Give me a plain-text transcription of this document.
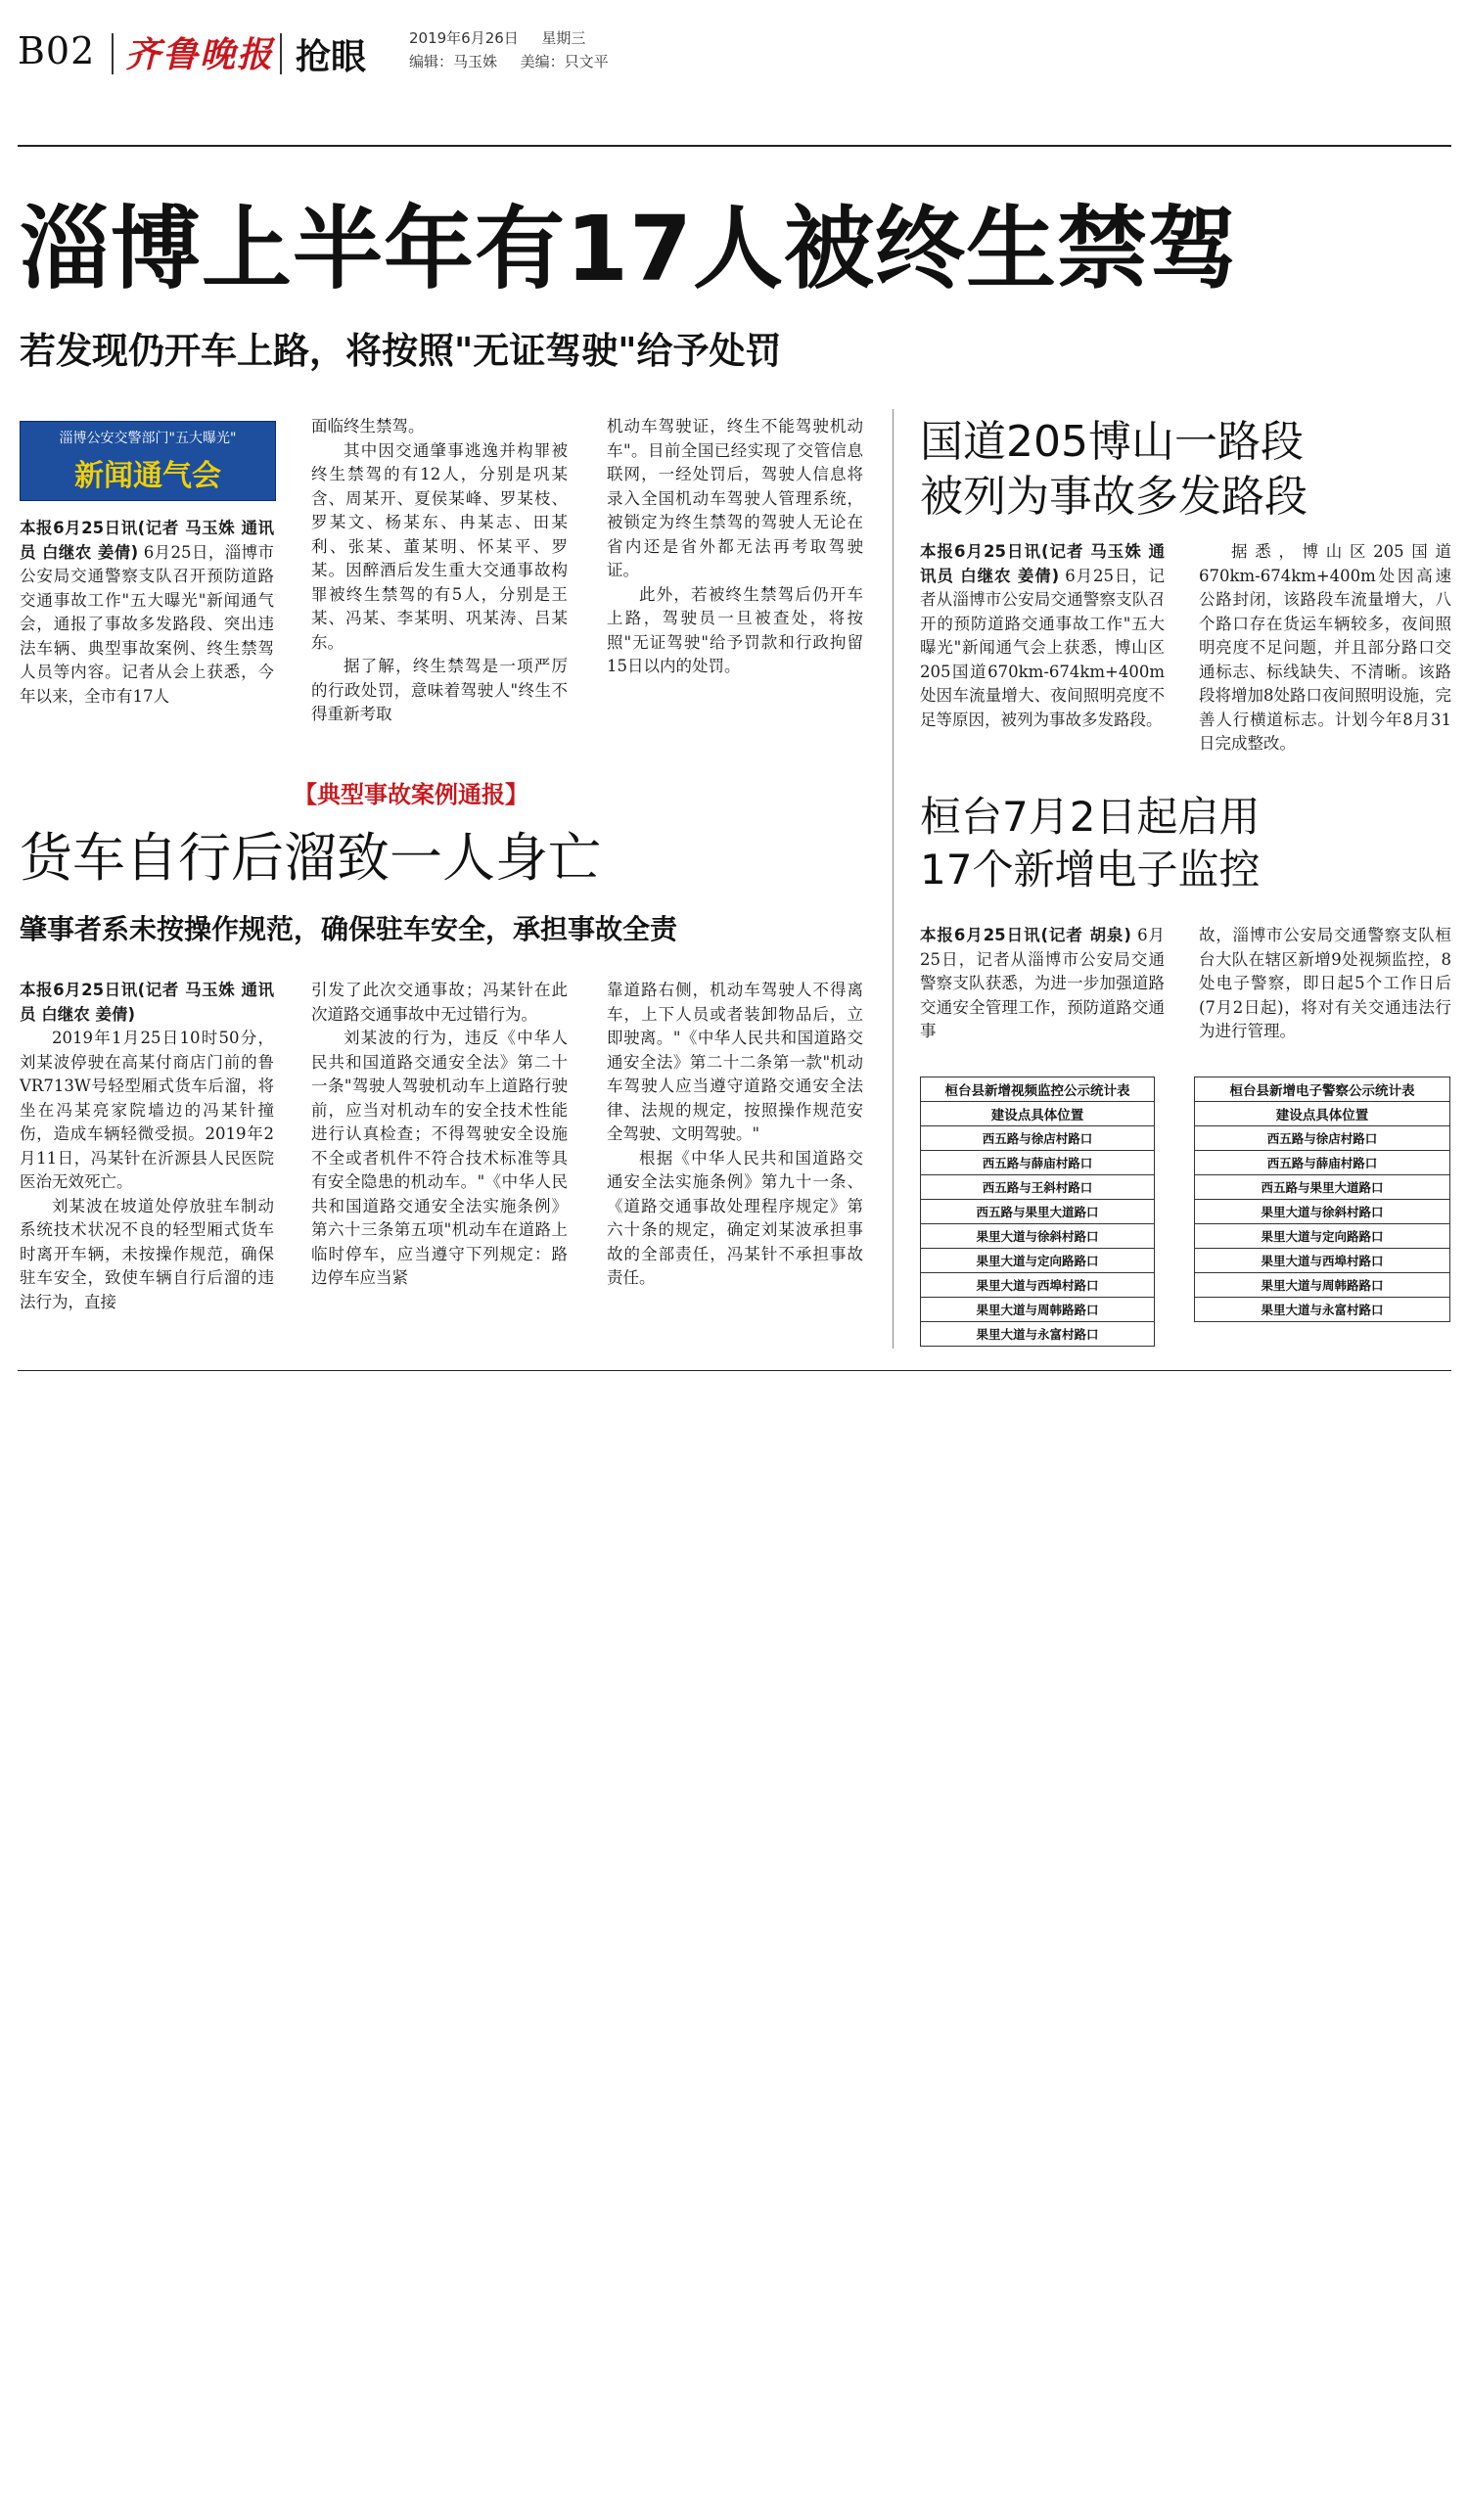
B02 齐鲁晚报 抢眼	2019年6月26日 星期三
编辑：马玉姝 美编：只文平
淄博上半年有17人被终生禁驾
若发现仍开车上路，将按照"无证驾驶"给予处罚
淄博公安交警部门"五大曝光"
新闻通气会

本报6月25日讯(记者 马玉姝 通讯员 白继农 姜倩) 6月25日，淄博市公安局交通警察支队召开预防道路交通事故工作"五大曝光"新闻通气会，通报了事故多发路段、突出违法车辆、典型事故案例、终生禁驾人员等内容。记者从会上获悉，今年以来，全市有17人

面临终生禁驾。

其中因交通肇事逃逸并构罪被终生禁驾的有12人，分别是巩某含、周某开、夏侯某峰、罗某枝、罗某文、杨某东、冉某志、田某利、张某、董某明、怀某平、罗某。因醉酒后发生重大交通事故构罪被终生禁驾的有5人，分别是王某、冯某、李某明、巩某涛、吕某东。

据了解，终生禁驾是一项严厉的行政处罚，意味着驾驶人"终生不得重新考取

机动车驾驶证，终生不能驾驶机动车"。目前全国已经实现了交管信息联网，一经处罚后，驾驶人信息将录入全国机动车驾驶人管理系统，被锁定为终生禁驾的驾驶人无论在省内还是省外都无法再考取驾驶证。

此外，若被终生禁驾后仍开车上路，驾驶员一旦被查处，将按照"无证驾驶"给予罚款和行政拘留15日以内的处罚。

【典型事故案例通报】
货车自行后溜致一人身亡
肇事者系未按操作规范，确保驻车安全，承担事故全责

本报6月25日讯(记者 马玉姝 通讯员 白继农 姜倩)

2019年1月25日10时50分，刘某波停驶在高某付商店门前的鲁VR713W号轻型厢式货车后溜，将坐在冯某亮家院墙边的冯某针撞伤，造成车辆轻微受损。2019年2月11日，冯某针在沂源县人民医院医治无效死亡。

刘某波在坡道处停放驻车制动系统技术状况不良的轻型厢式货车时离开车辆，未按操作规范，确保驻车安全，致使车辆自行后溜的违法行为，直接

引发了此次交通事故；冯某针在此次道路交通事故中无过错行为。

刘某波的行为，违反《中华人民共和国道路交通安全法》第二十一条"驾驶人驾驶机动车上道路行驶前，应当对机动车的安全技术性能进行认真检查；不得驾驶安全设施不全或者机件不符合技术标准等具有安全隐患的机动车。"《中华人民共和国道路交通安全法实施条例》第六十三条第五项"机动车在道路上临时停车，应当遵守下列规定：路边停车应当紧

靠道路右侧，机动车驾驶人不得离车，上下人员或者装卸物品后，立即驶离。"《中华人民共和国道路交通安全法》第二十二条第一款"机动车驾驶人应当遵守道路交通安全法律、法规的规定，按照操作规范安全驾驶、文明驾驶。"

根据《中华人民共和国道路交通安全法实施条例》第九十一条、《道路交通事故处理程序规定》第六十条的规定，确定刘某波承担事故的全部责任，冯某针不承担事故责任。

国道205博山一路段
被列为事故多发路段

本报6月25日讯(记者 马玉姝 通讯员 白继农 姜倩) 6月25日，记者从淄博市公安局交通警察支队召开的预防道路交通事故工作"五大曝光"新闻通气会上获悉，博山区205国道670km-674km+400m处因车流量增大、夜间照明亮度不足等原因，被列为事故多发路段。

据悉，博山区205国道670km-674km+400m处因高速公路封闭，该路段车流量增大，八个路口存在货运车辆较多，夜间照明亮度不足问题，并且部分路口交通标志、标线缺失、不清晰。该路段将增加8处路口夜间照明设施，完善人行横道标志。计划今年8月31日完成整改。

桓台7月2日起启用
17个新增电子监控

本报6月25日讯(记者 胡泉) 6月25日，记者从淄博市公安局交通警察支队获悉，为进一步加强道路交通安全管理工作，预防道路交通事

故，淄博市公安局交通警察支队桓台大队在辖区新增9处视频监控，8处电子警察，即日起5个工作日后(7月2日起)，将对有关交通违法行为进行管理。

桓台县新增视频监控公示统计表
建设点具体位置
西五路与徐店村路口
西五路与薛庙村路口
西五路与王斜村路口
西五路与果里大道路口
果里大道与徐斜村路口
果里大道与定向路路口
果里大道与西埠村路口
果里大道与周韩路路口
果里大道与永富村路口
桓台县新增电子警察公示统计表
建设点具体位置
西五路与徐店村路口
西五路与薛庙村路口
西五路与果里大道路口
果里大道与徐斜村路口
果里大道与定向路路口
果里大道与西埠村路口
果里大道与周韩路路口
果里大道与永富村路口
